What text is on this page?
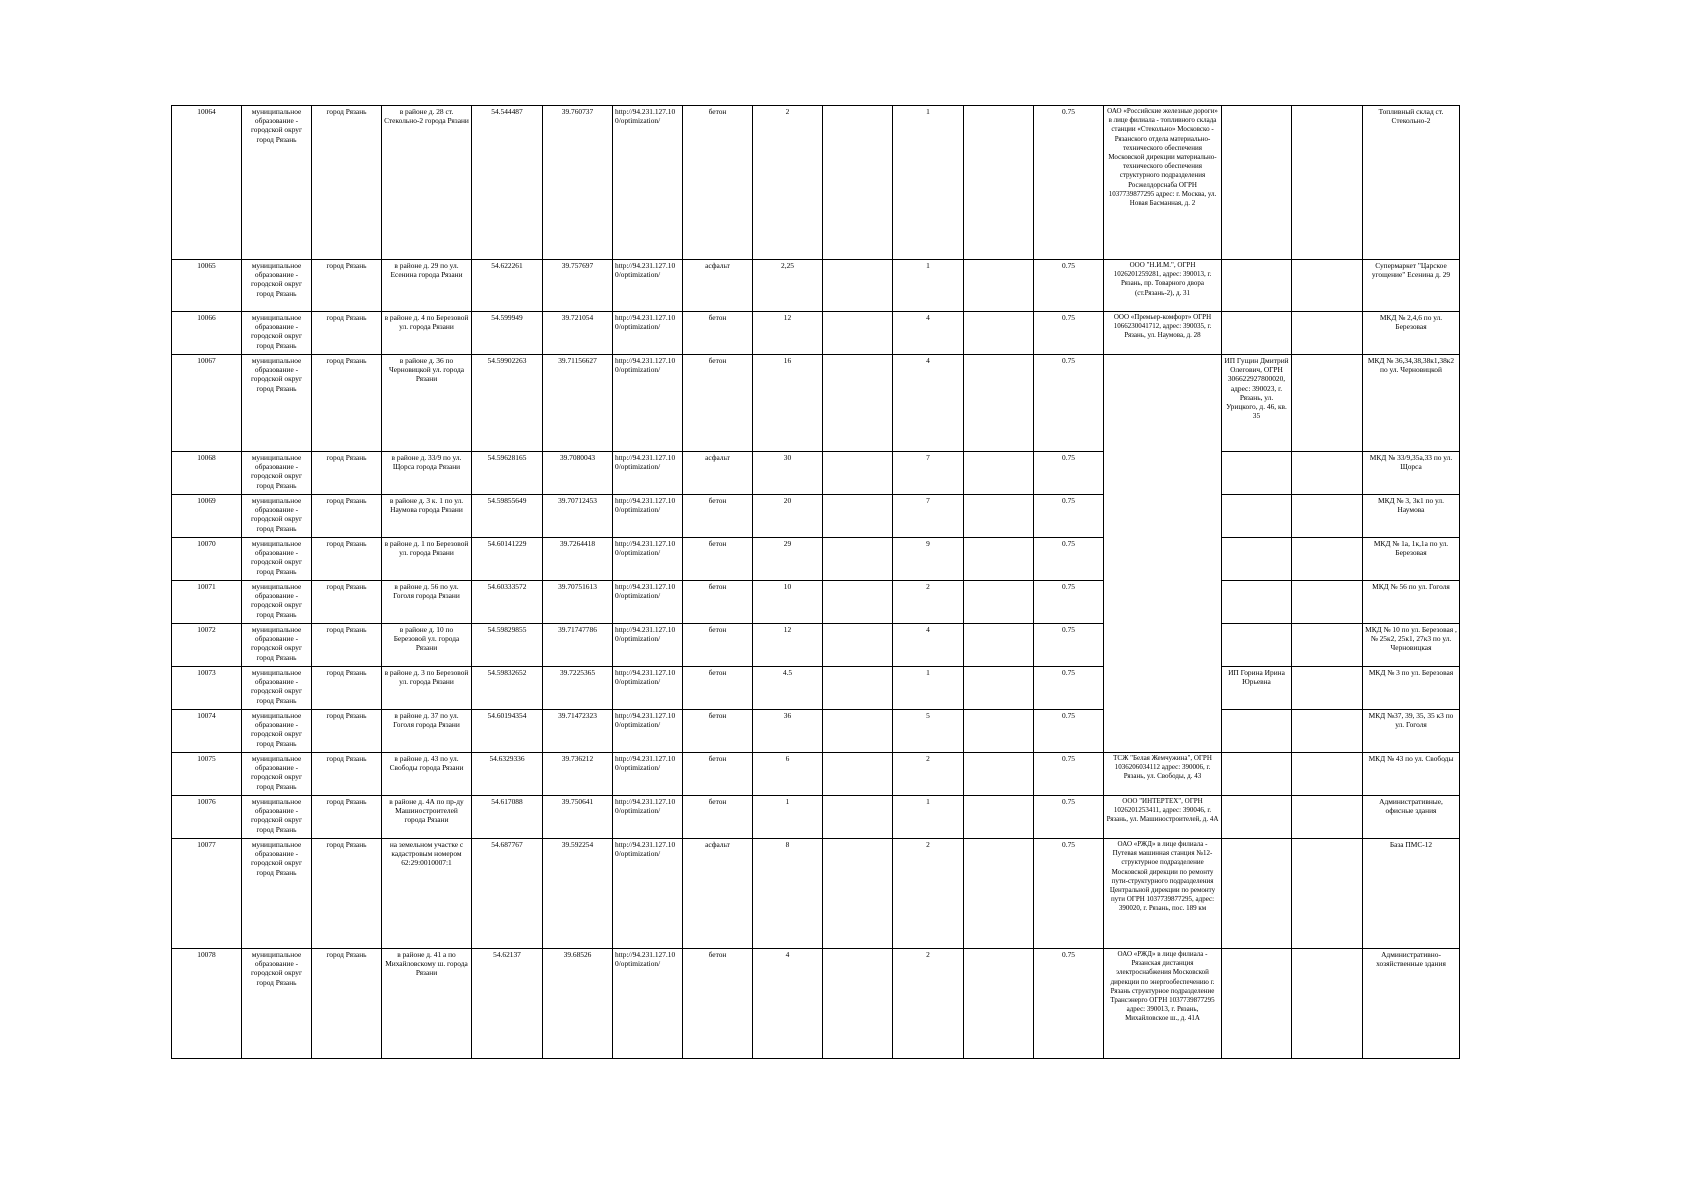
10064	муниципальное образование - городской округ город Рязань	город Рязань	в районе д. 28 ст. Стекольно-2 города Рязани	54.544487	39.760737	http://94.231.127.10 0/optimization/	бетон	2		1		0.75	ОАО «Российские железные дороги» в лице филиала - топливного склада станции «Стекольно» Московско - Рязанского отдела материально-технического обеспечения Московской дирекции материально-технического обеспечения структурного подразделения Росжелдорснаба ОГРН 1037739877295 адрес: г. Москва, ул. Новая Басманная, д. 2			Топливный склад ст. Стекольно-2
10065	муниципальное образование - городской округ город Рязань	город Рязань	в районе д. 29 по ул. Есенина города Рязани	54.622261	39.757697	http://94.231.127.10 0/optimization/	асфальт	2,25		1		0.75	ООО "Н.И.М.", ОГРН 1026201259281, адрес: 390013, г. Рязань, пр. Товарного двора (ст.Рязань-2), д. 31			Супермаркет "Царское угощение" Есенина д. 29
10066	муниципальное образование - городской округ город Рязань	город Рязань	в районе д. 4 по Березовой ул. города Рязани	54.599949	39.721054	http://94.231.127.10 0/optimization/	бетон	12		4		0.75	ООО «Премьер-комфорт» ОГРН 1066230041712, адрес: 390035, г. Рязань, ул. Наумова, д. 28			МКД № 2,4,6 по ул. Березовая
10067	муниципальное образование - городской округ город Рязань	город Рязань	в районе д. 36 по Черновицкой ул. города Рязани	54.59902263	39.71156627	http://94.231.127.10 0/optimization/	бетон	16		4		0.75		ИП Гущин Дмитрий Олегович, ОГРН 306622927800020, адрес: 390023, г. Рязань, ул. Урицкого, д. 46, кв. 35		МКД № 36,34,38,38к1,38к2 по ул. Черновицкой
10068	муниципальное образование - городской округ город Рязань	город Рязань	в районе д. 33/9 по ул. Щорса города Рязани	54.59628165	39.7080043	http://94.231.127.10 0/optimization/	асфальт	30		7		0.75				МКД № 33/9,35а,33 по ул. Щорса
10069	муниципальное образование - городской округ город Рязань	город Рязань	в районе д. 3 к. 1 по ул. Наумова города Рязани	54.59855649	39.70712453	http://94.231.127.10 0/optimization/	бетон	20		7		0.75				МКД № 3, 3к1 по ул. Наумова
10070	муниципальное образование - городской округ город Рязань	город Рязань	в районе д. 1 по Березовой ул. города Рязани	54.60141229	39.7264418	http://94.231.127.10 0/optimization/	бетон	29		9		0.75				МКД № 1а, 1к,1а по ул. Березовая
10071	муниципальное образование - городской округ город Рязань	город Рязань	в районе д. 56 по ул. Гоголя города Рязани	54.60333572	39.70751613	http://94.231.127.10 0/optimization/	бетон	10		2		0.75				МКД № 56 по ул. Гоголя
10072	муниципальное образование - городской округ город Рязань	город Рязань	в районе д. 10 по Березовой ул. города Рязани	54.59829855	39.71747786	http://94.231.127.10 0/optimization/	бетон	12		4		0.75				МКД № 10 по ул. Березовая ,№ 25к2, 25к1, 27к3 по ул. Черновицкая
10073	муниципальное образование - городской округ город Рязань	город Рязань	в районе д. 3 по Березовой ул. города Рязани	54.59832652	39.7225365	http://94.231.127.10 0/optimization/	бетон	4.5		1		0.75		ИП Горина Ирина Юрьевна		МКД № 3 по ул. Березовая
10074	муниципальное образование - городской округ город Рязань	город Рязань	в районе д. 37 по ул. Гоголя города Рязани	54.60194354	39.71472323	http://94.231.127.10 0/optimization/	бетон	36		5		0.75				МКД №37, 39, 35, 35 к3 по ул. Гоголя
10075	муниципальное образование - городской округ город Рязань	город Рязань	в районе д. 43 по ул. Свободы города Рязани	54.6329336	39.736212	http://94.231.127.10 0/optimization/	бетон	6		2		0.75	ТСЖ "Белая Жемчужина", ОГРН 1036206034112 адрес: 390006, г. Рязань, ул. Свободы, д. 43			МКД № 43 по ул. Свободы
10076	муниципальное образование - городской округ город Рязань	город Рязань	в районе д. 4А по пр-ду Машиностроителей города Рязани	54.617088	39.750641	http://94.231.127.10 0/optimization/	бетон	1		1		0.75	ООО "ИНТЕРТЕХ", ОГРН 1026201253411, адрес: 390046, г. Рязань, ул. Машиностроителей, д. 4А			Административные, офисные здания
10077	муниципальное образование - городской округ город Рязань	город Рязань	на земельном участке с кадастровым номером 62:29:0010007:1	54.687767	39.592254	http://94.231.127.10 0/optimization/	асфальт	8		2		0.75	ОАО «РЖД» в лице филиала - Путевая машинная станция №12-структурное подразделение Московской дирекции по ремонту пути-структурного подразделения Центральной дирекции по ремонту пути ОГРН 1037739877295, адрес: 390020, г. Рязань, пос. 189 км			База ПМС-12
10078	муниципальное образование - городской округ город Рязань	город Рязань	в районе д. 41 а по Михайловскому ш. города Рязани	54.62137	39.68526	http://94.231.127.10 0/optimization/	бетон	4		2		0.75	ОАО «РЖД» в лице филиала - Рязанская дистанция электроснабжения Московской дирекции по энергообеспечению г. Рязань структурное подразделение Трансэнерго ОГРН 1037739877295 адрес: 390013, г. Рязань, Михайловское ш., д. 41А			Административно-хозяйственные здания
